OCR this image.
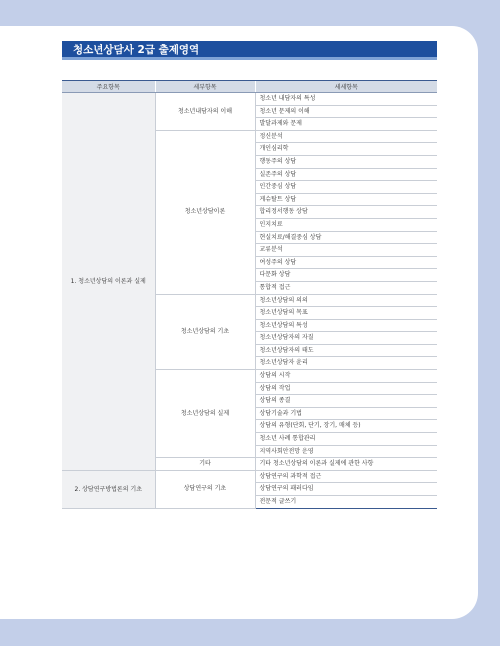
청소년상담사 2급 출제영역
주요항목	세부항목	세세항목
1. 청소년상담의 이론과 실제	청소년내담자의 이해	청소년 내담자의 특성
		청소년 문제의 이해
		발달과제와 문제
	청소년상담이론	정신분석
		개인심리학
		행동주의 상담
		실존주의 상담
		인간중심 상담
		게슈탈트 상담
		합리정서행동 상담
		인지치료
		현실치료/해결중심 상담
		교류분석
		여성주의 상담
		다문화 상담
		통합적 접근
	청소년상담의 기초	청소년상담의 의의
		청소년상담의 목표
		청소년상담의 특성
		청소년상담자의 자질
		청소년상담자의 태도
		청소년상담자 윤리
	청소년상담의 실제	상담의 시작
		상담의 작업
		상담의 종결
		상담기술과 기법
		상담의 유형(단회, 단기, 장기, 매체 등)
		청소년 사례 통합관리
		지역사회안전망 운영
	기타	기타 청소년상담의 이론과 실제에 관한 사항
2. 상담연구방법론의 기초	상담연구의 기초	상담연구의 과학적 접근
		상담연구의 패러다임
		전문적 글쓰기
